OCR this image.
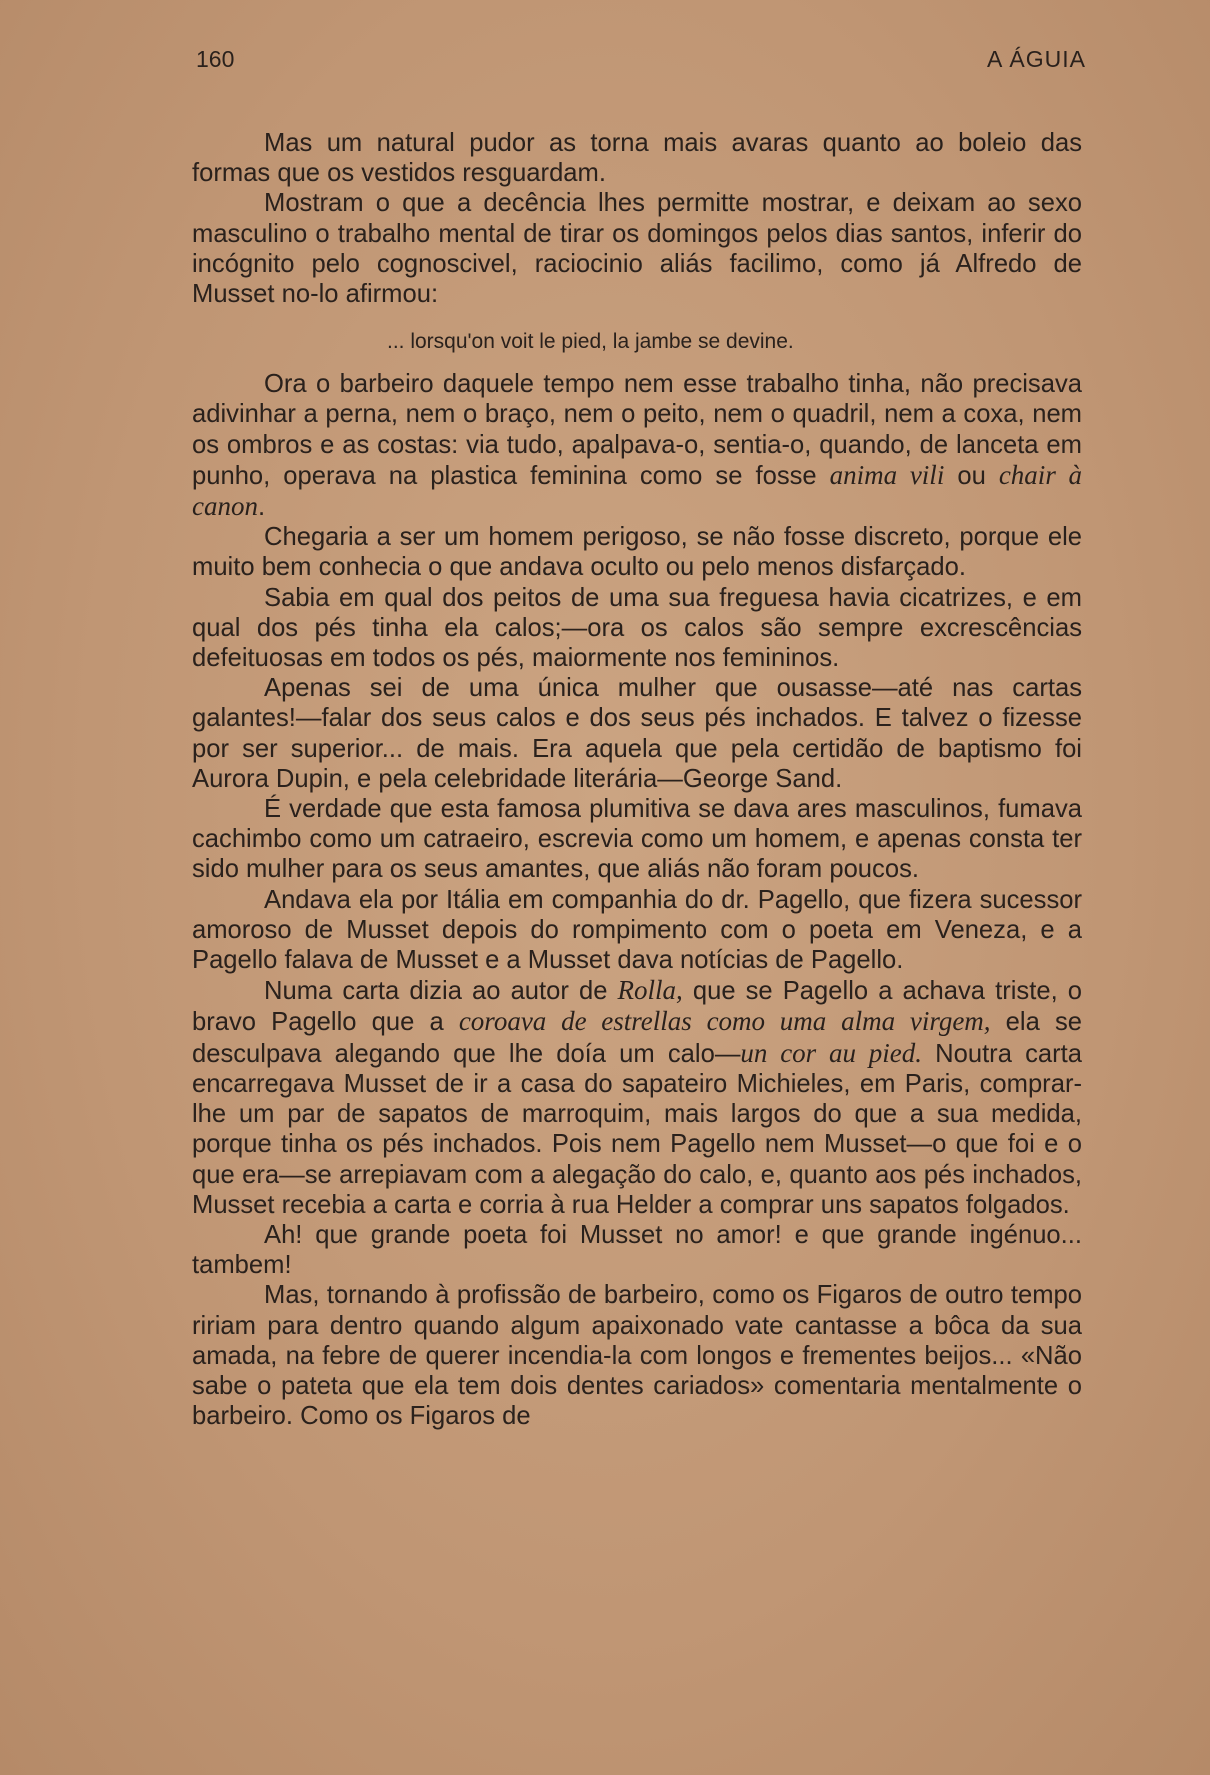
160	A ÁGUIA

Mas um natural pudor as torna mais avaras quanto ao boleio das formas que os vestidos resguardam.

Mostram o que a decência lhes permitte mostrar, e deixam ao sexo masculino o trabalho mental de tirar os domingos pelos dias santos, inferir do incógnito pelo cognoscivel, raciocinio aliás facilimo, como já Alfredo de Musset no-lo afirmou:

... lorsqu'on voit le pied, la jambe se devine.

Ora o barbeiro daquele tempo nem esse trabalho tinha, não precisava adivinhar a perna, nem o braço, nem o peito, nem o quadril, nem a coxa, nem os ombros e as costas: via tudo, apalpava-o, sentia-o, quando, de lanceta em punho, operava na plastica feminina como se fosse anima vili ou chair à canon.

Chegaria a ser um homem perigoso, se não fosse discreto, porque ele muito bem conhecia o que andava oculto ou pelo menos disfarçado.

Sabia em qual dos peitos de uma sua freguesa havia cicatrizes, e em qual dos pés tinha ela calos;—ora os calos são sempre excrescências defeituosas em todos os pés, maiormente nos femininos.

Apenas sei de uma única mulher que ousasse—até nas cartas galantes!—falar dos seus calos e dos seus pés inchados. E talvez o fizesse por ser superior... de mais. Era aquela que pela certidão de baptismo foi Aurora Dupin, e pela celebridade literária—George Sand.

É verdade que esta famosa plumitiva se dava ares masculinos, fumava cachimbo como um catraeiro, escrevia como um homem, e apenas consta ter sido mulher para os seus amantes, que aliás não foram poucos.

Andava ela por Itália em companhia do dr. Pagello, que fizera sucessor amoroso de Musset depois do rompimento com o poeta em Veneza, e a Pagello falava de Musset e a Musset dava notícias de Pagello.

Numa carta dizia ao autor de Rolla, que se Pagello a achava triste, o bravo Pagello que a coroava de estrellas como uma alma virgem, ela se desculpava alegando que lhe doía um calo—un cor au pied. Noutra carta encarregava Musset de ir a casa do sapateiro Michieles, em Paris, comprar-lhe um par de sapatos de marroquim, mais largos do que a sua medida, porque tinha os pés inchados. Pois nem Pagello nem Musset—o que foi e o que era—se arrepiavam com a alegação do calo, e, quanto aos pés inchados, Musset recebia a carta e corria à rua Helder a comprar uns sapatos folgados.

Ah! que grande poeta foi Musset no amor! e que grande ingénuo... tambem!

Mas, tornando à profissão de barbeiro, como os Figaros de outro tempo ririam para dentro quando algum apaixonado vate cantasse a bôca da sua amada, na febre de querer incendia-la com longos e frementes beijos... «Não sabe o pateta que ela tem dois dentes cariados» comentaria mentalmente o barbeiro. Como os Figaros de
